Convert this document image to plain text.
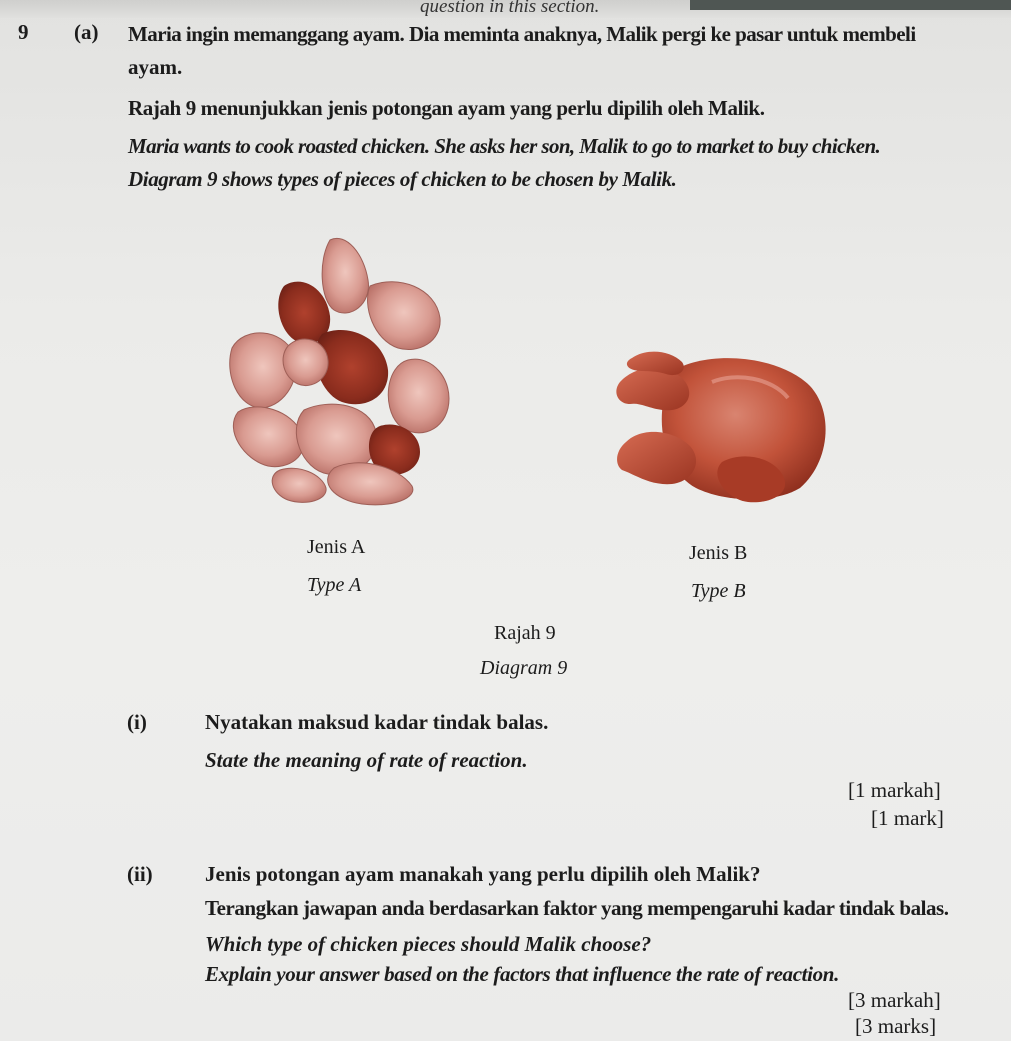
question in this section.
9 (a) Maria ingin memanggang ayam. Dia meminta anaknya, Malik pergi ke pasar untuk membeli
ayam.
Rajah 9 menunjukkan jenis potongan ayam yang perlu dipilih oleh Malik.
Maria wants to cook roasted chicken. She asks her son, Malik to go to market to buy chicken.
Diagram 9 shows types of pieces of chicken to be chosen by Malik.
Jenis A
Type A
Jenis B
Type B
Rajah 9
Diagram 9
(i)	Nyatakan maksud kadar tindak balas.
State the meaning of rate of reaction.
[1 markah]
[1 mark]
(ii) Jenis potongan ayam manakah yang perlu dipilih oleh Malik?
Terangkan jawapan anda berdasarkan faktor yang mempengaruhi kadar tindak balas.
Which type of chicken pieces should Malik choose?
Explain your answer based on the factors that influence the rate of reaction.
[3 markah]
[3 marks]
